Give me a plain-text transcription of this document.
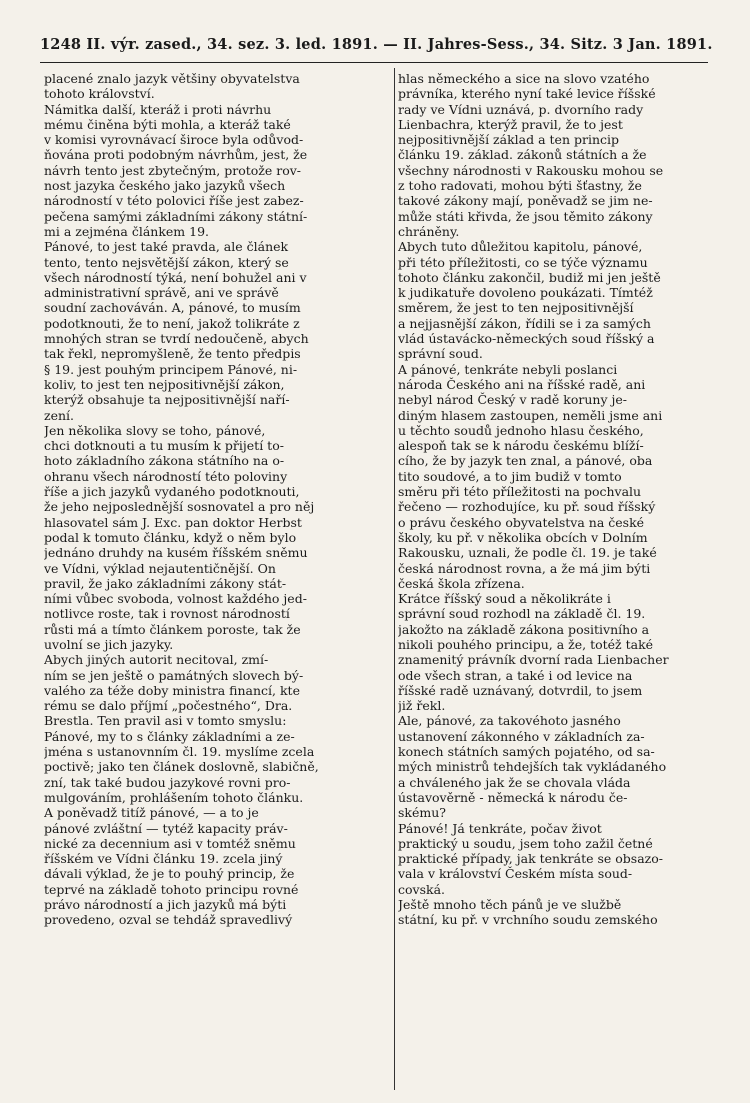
1248 II. výr. zased., 34. sez. 3. led. 1891. — II. Jahres-Sess., 34. Sitz. 3 Jan. 1891.
placené znalo jazyk většiny obyvatelstva
tohoto království.
Námitka další, kteráž i proti návrhu
mému činěna býti mohla, a kteráž také
v komisi vyrovnávací široce byla odůvod-
ňována proti podobným návrhům, jest, že
návrh tento jest zbytečným, protože rov-
nost jazyka českého jako jazyků všech
národností v této polovici říše jest zabez-
pečena samými základními zákony státní-
mi a zejména článkem 19.
Pánové, to jest také pravda, ale článek
tento, tento nejsvětější zákon, který se
všech národností týká, není bohužel ani v
administrativní správě, ani ve správě
soudní zachováván. A, pánové, to musím
podotknouti, že to není, jakož tolikráte z
mnohých stran se tvrdí nedoučeně, abych
tak řekl, nepromyšleně, že tento předpis
§ 19. jest pouhým principem Pánové, ni-
koliv, to jest ten nejpositivnější zákon,
kterýž obsahuje ta nejpositivnější naří-
zení.
Jen několika slovy se toho, pánové,
chci dotknouti a tu musím k přijetí to-
hoto základního zákona státního na o-
ohranu všech národností této poloviny
říše a jich jazyků vydaného podotknouti,
že jeho nejposlednější sosnovatel a pro něj
hlasovatel sám J. Exc. pan doktor Herbst
podal k tomuto článku, když o něm bylo
jednáno druhdy na kusém říšském sněmu
ve Vídni, výklad nejautentičnější. On
pravil, že jako základními zákony stát-
ními vůbec svoboda, volnost každého jed-
notlivce roste, tak i rovnost národností
růsti má a tímto článkem poroste, tak že
uvolní se jich jazyky.
Abych jiných autorit necitoval, zmí-
ním se jen ještě o památných slovech bý-
valého za téže doby ministra financí, kte
rému se dalo příjmí „počestného“, Dra.
Brestla. Ten pravil asi v tomto smyslu:
Pánové, my to s články základními a ze-
jména s ustanovnním čl. 19. myslíme zcela
poctivě; jako ten článek doslovně, slabičně,
zní, tak také budou jazykové rovni pro-
mulgováním, prohlášením tohoto článku.
A poněvadž titíž pánové, — a to je
pánové zvláštní — tytéž kapacity práv-
nické za decennium asi v tomtéž sněmu
říšském ve Vídni článku 19. zcela jiný
dávali výklad, že je to pouhý princip, že
teprvé na základě tohoto principu rovné
právo národností a jich jazyků má býti
provedeno, ozval se tehdáž spravedlivý
hlas německého a sice na slovo vzatého
právníka, kterého nyní také levice říšské
rady ve Vídni uznává, p. dvorního rady
Lienbachra, kterýž pravil, že to jest
nejpositivnější základ a ten princip
článku 19. základ. zákonů státních a že
všechny národnosti v Rakousku mohou se
z toho radovati, mohou býti šťastny, že
takové zákony mají, poněvadž se jim ne-
může státi křivda, že jsou těmito zákony
chráněny.
Abych tuto důležitou kapitolu, pánové,
při této příležitosti, co se týče významu
tohoto článku zakončil, budiž mi jen ještě
k judikatuře dovoleno poukázati. Tímtéž
směrem, že jest to ten nejpositivnější
a nejjasnější zákon, řídili se i za samých
vlád ústavácko-německých soud říšský a
správní soud.
A pánové, tenkráte nebyli poslanci
národa Českého ani na říšské radě, ani
nebyl národ Český v radě koruny je-
diným hlasem zastoupen, neměli jsme ani
u těchto soudů jednoho hlasu českého,
alespoň tak se k národu českému blíží-
cího, že by jazyk ten znal, a pánové, oba
tito soudové, a to jim budiž v tomto
směru při této příležitosti na pochvalu
řečeno — rozhodujíce, ku př. soud říšský
o právu českého obyvatelstva na české
školy, ku př. v několika obcích v Dolním
Rakousku, uznali, že podle čl. 19. je také
česká národnost rovna, a že má jim býti
česká škola zřízena.
Krátce říšský soud a několikráte i
správní soud rozhodl na základě čl. 19.
jakožto na základě zákona positivního a
nikoli pouhého principu, a že, totéž také
znamenitý právník dvorní rada Lienbacher
ode všech stran, a také i od levice na
říšské radě uznávaný, dotvrdil, to jsem
již řekl.
Ale, pánové, za takovéhoto jasného
ustanovení zákonného v základních za-
konech státních samých pojatého, od sa-
mých ministrů tehdejších tak vykládaného
a chváleného jak že se chovala vláda
ústavověrně - německá k národu če-
skému?
Pánové! Já tenkráte, počav život
praktický u soudu, jsem toho zažil četné
praktické případy, jak tenkráte se obsazo-
vala v království Českém místa soud-
covská.
Ještě mnoho těch pánů je ve službě
státní, ku př. v vrchního soudu zemského
